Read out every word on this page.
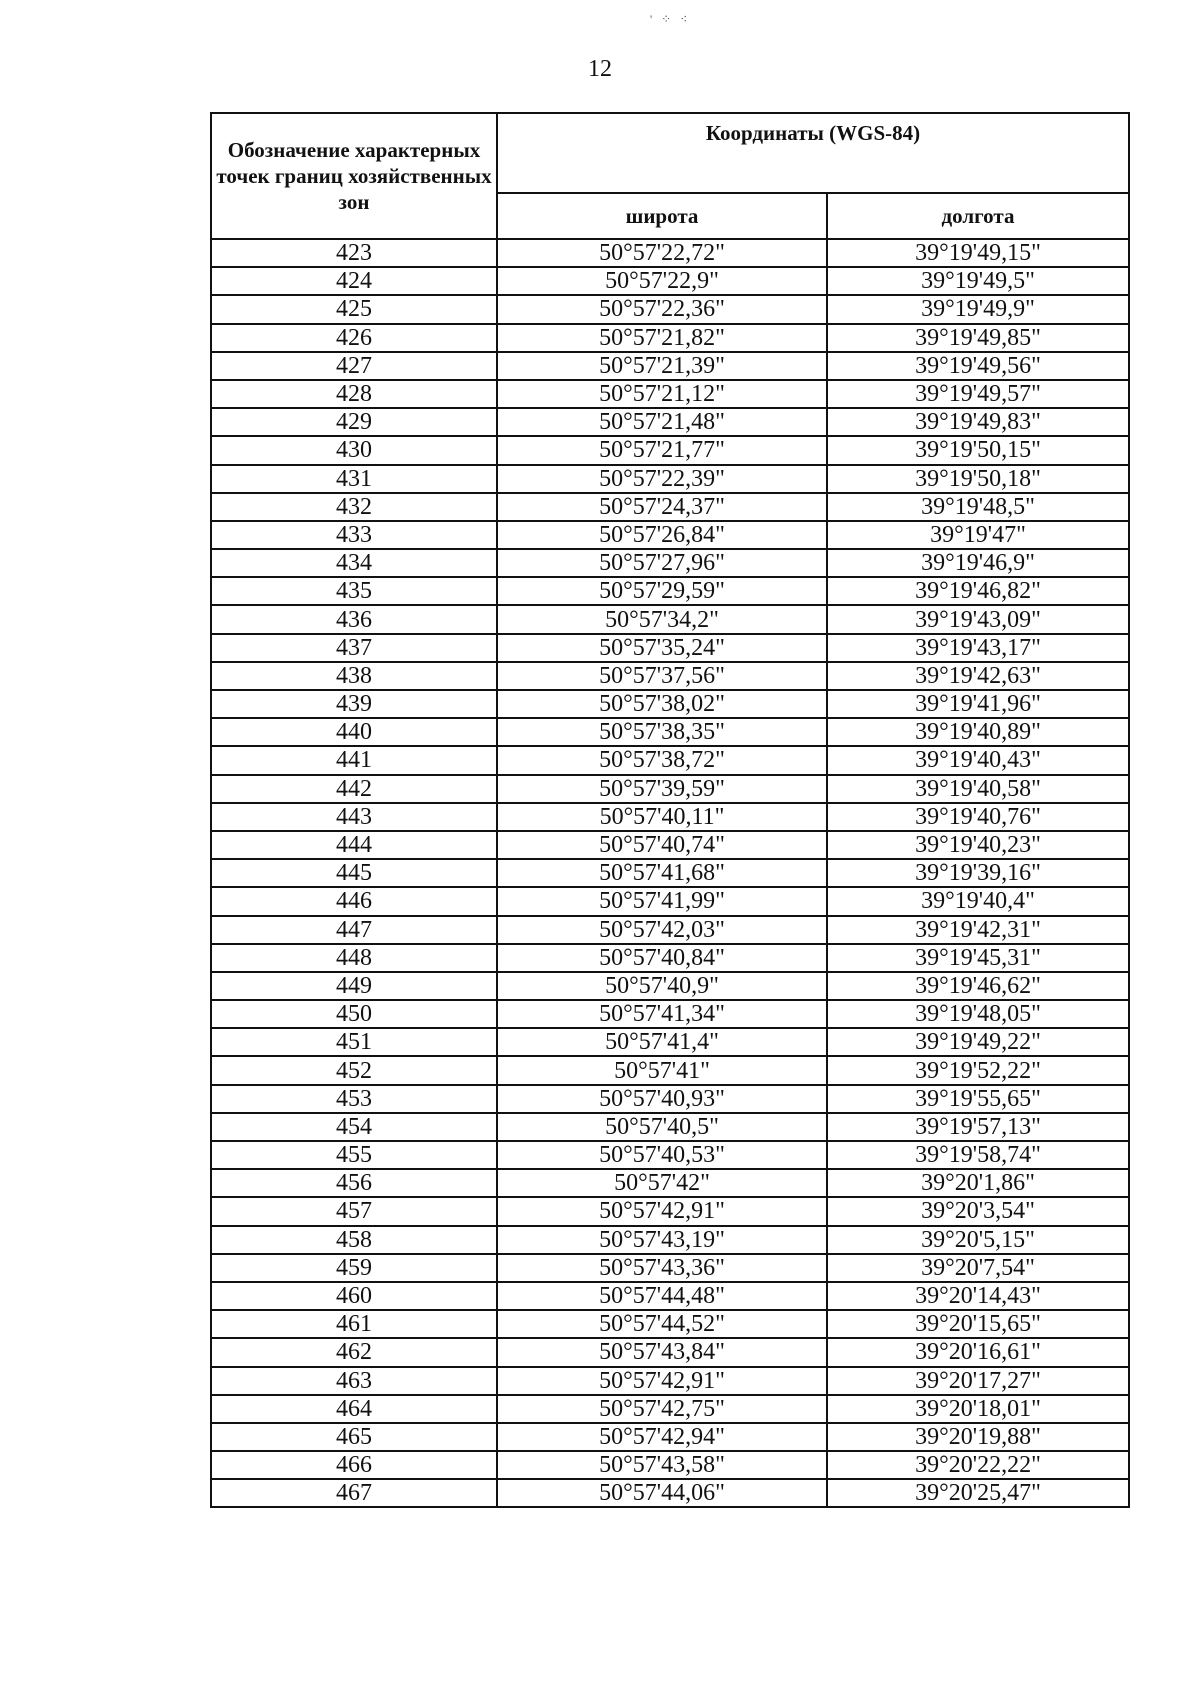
' ⁘ ⁖
12
Обозначение характерных точек границ хозяйственных зон	Координаты (WGS-84)	
	широта	долгота
423	50°57'22,72"	39°19'49,15"
424	50°57'22,9"	39°19'49,5"
425	50°57'22,36"	39°19'49,9"
426	50°57'21,82"	39°19'49,85"
427	50°57'21,39"	39°19'49,56"
428	50°57'21,12"	39°19'49,57"
429	50°57'21,48"	39°19'49,83"
430	50°57'21,77"	39°19'50,15"
431	50°57'22,39"	39°19'50,18"
432	50°57'24,37"	39°19'48,5"
433	50°57'26,84"	39°19'47"
434	50°57'27,96"	39°19'46,9"
435	50°57'29,59"	39°19'46,82"
436	50°57'34,2"	39°19'43,09"
437	50°57'35,24"	39°19'43,17"
438	50°57'37,56"	39°19'42,63"
439	50°57'38,02"	39°19'41,96"
440	50°57'38,35"	39°19'40,89"
441	50°57'38,72"	39°19'40,43"
442	50°57'39,59"	39°19'40,58"
443	50°57'40,11"	39°19'40,76"
444	50°57'40,74"	39°19'40,23"
445	50°57'41,68"	39°19'39,16"
446	50°57'41,99"	39°19'40,4"
447	50°57'42,03"	39°19'42,31"
448	50°57'40,84"	39°19'45,31"
449	50°57'40,9"	39°19'46,62"
450	50°57'41,34"	39°19'48,05"
451	50°57'41,4"	39°19'49,22"
452	50°57'41"	39°19'52,22"
453	50°57'40,93"	39°19'55,65"
454	50°57'40,5"	39°19'57,13"
455	50°57'40,53"	39°19'58,74"
456	50°57'42"	39°20'1,86"
457	50°57'42,91"	39°20'3,54"
458	50°57'43,19"	39°20'5,15"
459	50°57'43,36"	39°20'7,54"
460	50°57'44,48"	39°20'14,43"
461	50°57'44,52"	39°20'15,65"
462	50°57'43,84"	39°20'16,61"
463	50°57'42,91"	39°20'17,27"
464	50°57'42,75"	39°20'18,01"
465	50°57'42,94"	39°20'19,88"
466	50°57'43,58"	39°20'22,22"
467	50°57'44,06"	39°20'25,47"
